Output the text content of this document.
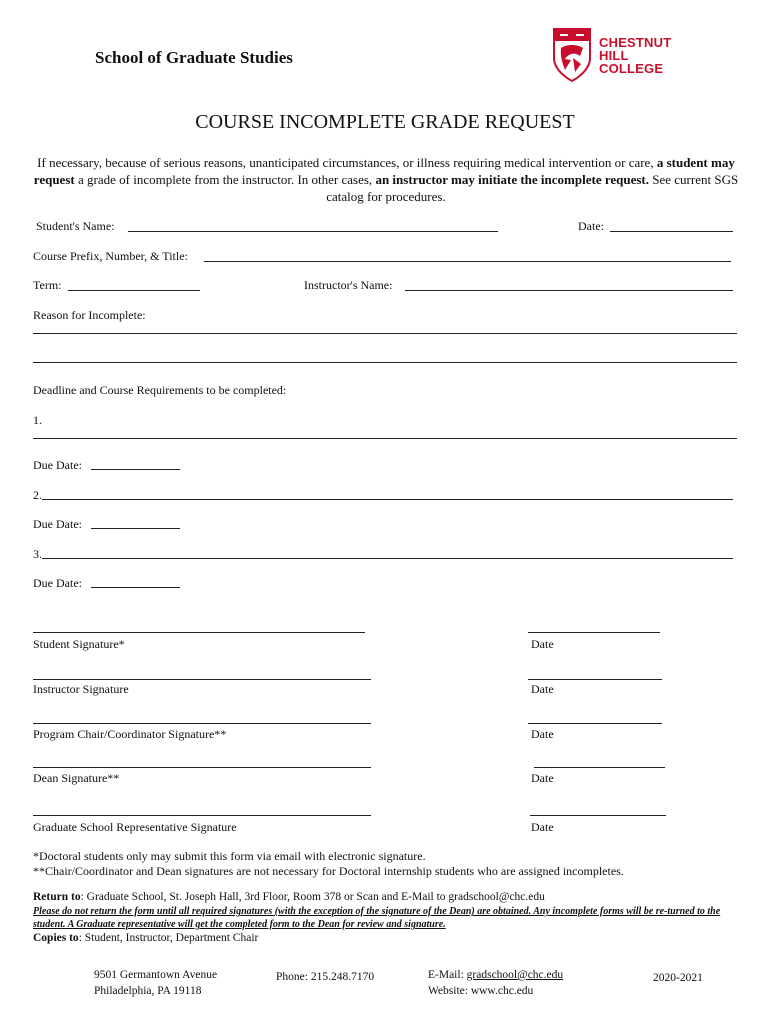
School of Graduate Studies
CHESTNUT
HILL
COLLEGE
COURSE INCOMPLETE GRADE REQUEST
If necessary, because of serious reasons, unanticipated circumstances, or illness requiring medical intervention or care, a student may request a grade of incomplete from the instructor. In other cases, an instructor may initiate the incomplete request. See current SGS catalog for procedures.
Student's Name:	Date:
Course Prefix, Number, & Title:
Term:	Instructor's Name:
Reason for Incomplete:
Deadline and Course Requirements to be completed:
1.
Due Date:
2.
Due Date:
3.
Due Date:
Student Signature*	Date
Instructor Signature	Date
Program Chair/Coordinator Signature**	Date
Dean Signature**	Date
Graduate School Representative Signature	Date
*Doctoral students only may submit this form via email with electronic signature.
**Chair/Coordinator and Dean signatures are not necessary for Doctoral internship students who are assigned incompletes.
Return to: Graduate School, St. Joseph Hall, 3rd Floor, Room 378 or Scan and E-Mail to gradschool@chc.edu
Please do not return the form until all required signatures (with the exception of the signature of the Dean) are obtained. Any incomplete forms will be re-turned to the student. A Graduate representative will get the completed form to the Dean for review and signature.
Copies to: Student, Instructor, Department Chair
9501 Germantown Avenue
Philadelphia, PA 19118
Phone: 215.248.7170	E-Mail: gradschool@chc.edu
Website: www.chc.edu
2020-2021
